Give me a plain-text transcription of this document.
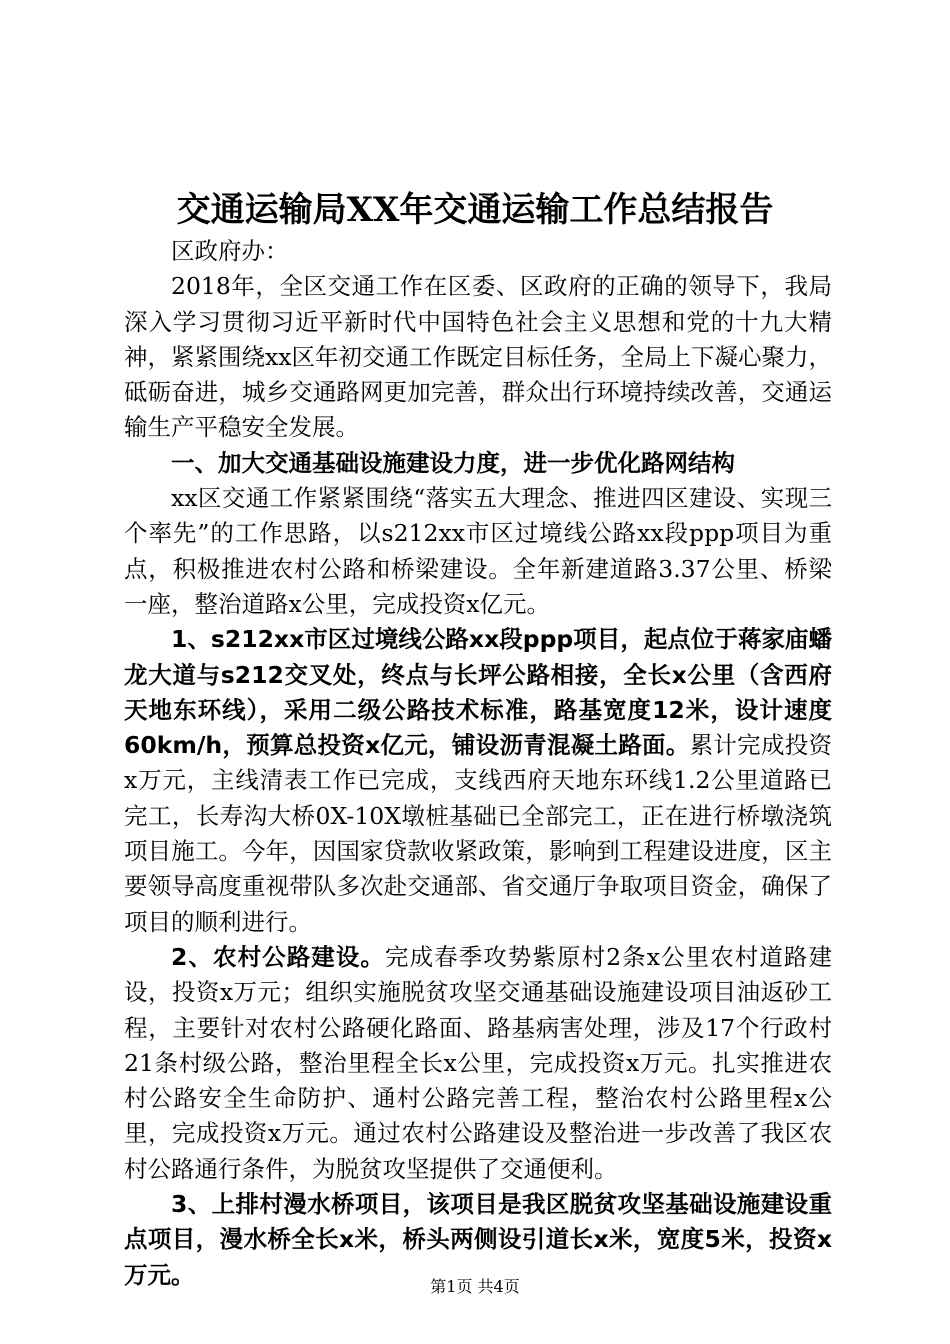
交通运输局XX年交通运输工作总结报告

区政府办：

2018年，全区交通工作在区委、区政府的正确的领导下，我局深入学习贯彻习近平新时代中国特色社会主义思想和党的十九大精神，紧紧围绕xx区年初交通工作既定目标任务，全局上下凝心聚力，砥砺奋进，城乡交通路网更加完善，群众出行环境持续改善，交通运输生产平稳安全发展。

一、加大交通基础设施建设力度，进一步优化路网结构

xx区交通工作紧紧围绕“落实五大理念、推进四区建设、实现三个率先”的工作思路，以s212xx市区过境线公路xx段ppp项目为重点，积极推进农村公路和桥梁建设。全年新建道路3.37公里、桥梁一座，整治道路x公里，完成投资x亿元。

1、s212xx市区过境线公路xx段ppp项目，起点位于蒋家庙蟠龙大道与s212交叉处，终点与长坪公路相接，全长x公里（含西府天地东环线），采用二级公路技术标准，路基宽度12米，设计速度60km/h，预算总投资x亿元，铺设沥青混凝土路面。累计完成投资x万元，主线清表工作已完成，支线西府天地东环线1.2公里道路已完工，长寿沟大桥0X-10X墩桩基础已全部完工，正在进行桥墩浇筑项目施工。今年，因国家贷款收紧政策，影响到工程建设进度，区主要领导高度重视带队多次赴交通部、省交通厅争取项目资金，确保了项目的顺利进行。

2、农村公路建设。完成春季攻势紫原村2条x公里农村道路建设，投资x万元；组织实施脱贫攻坚交通基础设施建设项目油返砂工程，主要针对农村公路硬化路面、路基病害处理，涉及17个行政村21条村级公路，整治里程全长x公里，完成投资x万元。扎实推进农村公路安全生命防护、通村公路完善工程，整治农村公路里程x公里，完成投资x万元。通过农村公路建设及整治进一步改善了我区农村公路通行条件，为脱贫攻坚提供了交通便利。

3、上排村漫水桥项目，该项目是我区脱贫攻坚基础设施建设重点项目，漫水桥全长x米，桥头两侧设引道长x米，宽度5米，投资x万元。	第1页 共4页
